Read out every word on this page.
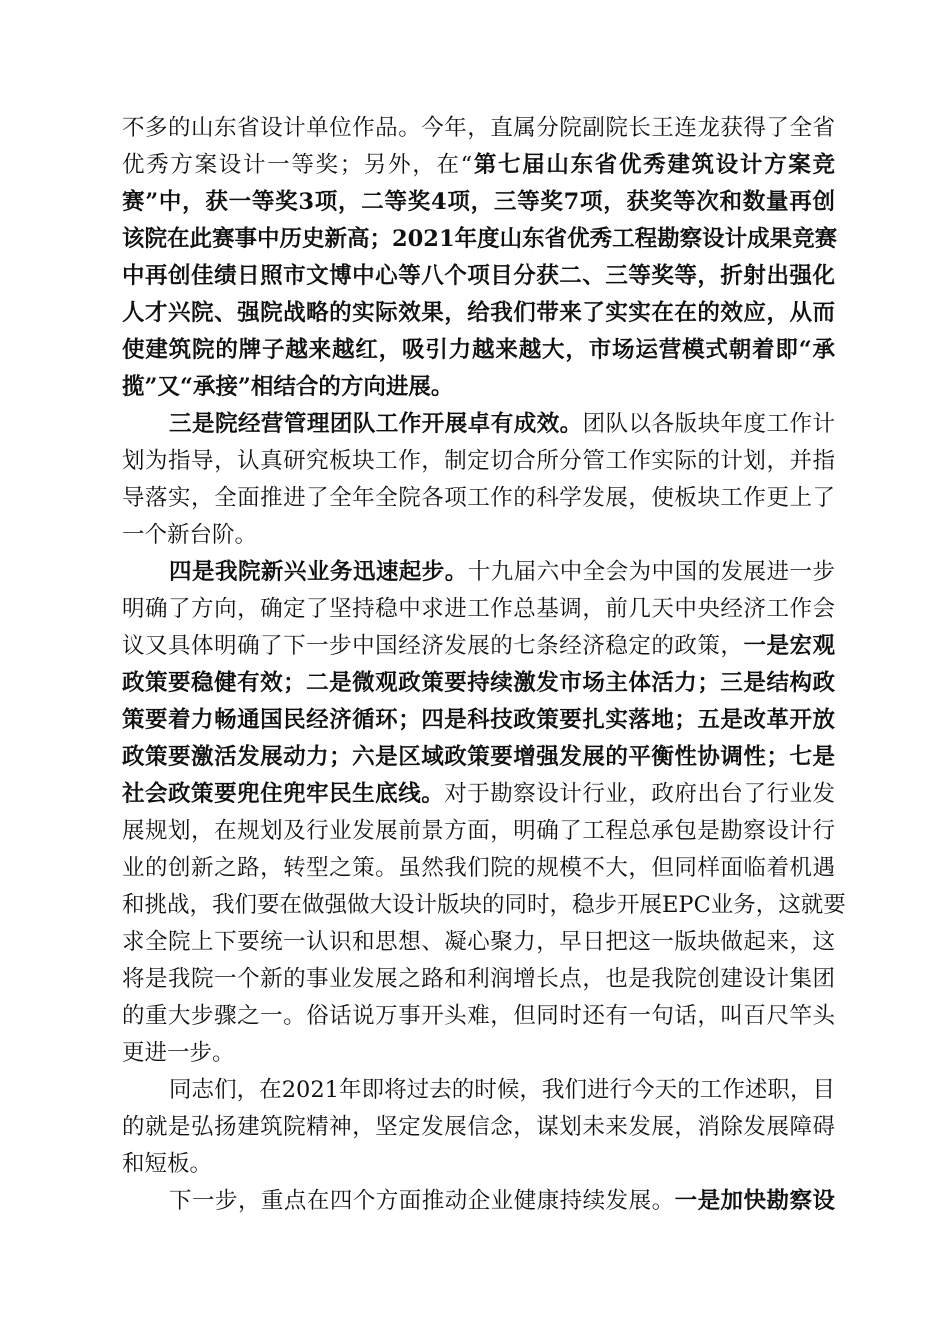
不多的山东省设计单位作品。今年，直属分院副院长王连龙获得了全省
优秀方案设计一等奖；另外，在“第七届山东省优秀建筑设计方案竞
赛”中，获一等奖3项，二等奖4项，三等奖7项，获奖等次和数量再创
该院在此赛事中历史新高；2021年度山东省优秀工程勘察设计成果竞赛
中再创佳绩日照市文博中心等八个项目分获二、三等奖等，折射出强化
人才兴院、强院战略的实际效果，给我们带来了实实在在的效应，从而
使建筑院的牌子越来越红，吸引力越来越大，市场运营模式朝着即“承
揽”又“承接”相结合的方向进展。
三是院经营管理团队工作开展卓有成效。团队以各版块年度工作计
划为指导，认真研究板块工作，制定切合所分管工作实际的计划，并指
导落实，全面推进了全年全院各项工作的科学发展，使板块工作更上了
一个新台阶。
四是我院新兴业务迅速起步。十九届六中全会为中国的发展进一步
明确了方向，确定了坚持稳中求进工作总基调，前几天中央经济工作会
议又具体明确了下一步中国经济发展的七条经济稳定的政策，一是宏观
政策要稳健有效；二是微观政策要持续激发市场主体活力；三是结构政
策要着力畅通国民经济循环；四是科技政策要扎实落地；五是改革开放
政策要激活发展动力；六是区域政策要增强发展的平衡性协调性；七是
社会政策要兜住兜牢民生底线。对于勘察设计行业，政府出台了行业发
展规划，在规划及行业发展前景方面，明确了工程总承包是勘察设计行
业的创新之路，转型之策。虽然我们院的规模不大，但同样面临着机遇
和挑战，我们要在做强做大设计版块的同时，稳步开展EPC业务，这就要
求全院上下要统一认识和思想、凝心聚力，早日把这一版块做起来，这
将是我院一个新的事业发展之路和利润增长点，也是我院创建设计集团
的重大步骤之一。俗话说万事开头难，但同时还有一句话，叫百尺竿头
更进一步。
同志们，在2021年即将过去的时候，我们进行今天的工作述职，目
的就是弘扬建筑院精神，坚定发展信念，谋划未来发展，消除发展障碍
和短板。
下一步，重点在四个方面推动企业健康持续发展。一是加快勘察设
